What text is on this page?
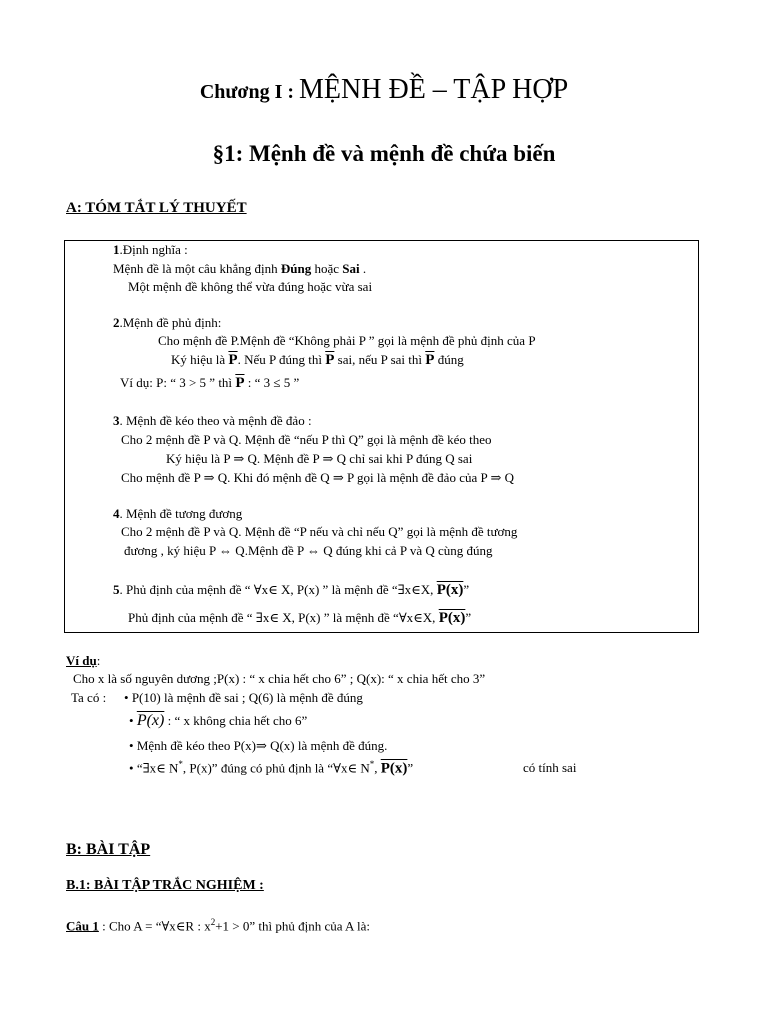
Chương I : MỆNH ĐỀ – TẬP HỢP
§1: Mệnh đề và mệnh đề chứa biến
A: TÓM TẮT LÝ THUYẾT
1.Định nghĩa :
Mệnh đề là một câu khẳng định Đúng hoặc Sai .
Một mệnh đề không thể vừa đúng hoặc vừa sai
2.Mệnh đề phủ định:
Cho mệnh đề P.Mệnh đề “Không phải P ” gọi là mệnh đề phủ định của P
Ký hiệu là $\overline{P}$. Nếu P đúng thì $\overline{P}$ sai, nếu P sai thì $\overline{P}$ đúng
Ví dụ: P: “ 3 > 5 ” thì $\overline{P}$ : “ 3 ≤ 5 ”
3. Mệnh đề kéo theo và mệnh đề đảo :
Cho 2 mệnh đề P và Q. Mệnh đề “nếu P thì Q” gọi là mệnh đề kéo theo
Ký hiệu là P ⇒ Q. Mệnh đề P ⇒ Q chỉ sai khi P đúng Q sai
Cho mệnh đề P ⇒ Q. Khi đó mệnh đề Q ⇒ P gọi là mệnh đề đảo của P ⇒ Q
4. Mệnh đề tương đương
Cho 2 mệnh đề P và Q. Mệnh đề “P nếu và chỉ nếu Q” gọi là mệnh đề tương
đương , ký hiệu P ⇔ Q.Mệnh đề P ⇔ Q đúng khi cả P và Q cùng đúng
5. Phủ định của mệnh đề “ ∀x∈ X, P(x) ” là mệnh đề “∃x∈X, P(x)”
Phủ định của mệnh đề “ ∃x∈ X, P(x) ” là mệnh đề “∀x∈X, P(x)”
Ví dụ:
Cho x là số nguyên dương ;P(x) : “ x chia hết cho 6” ; Q(x): “ x chia hết cho 3”
Ta có : • P(10) là mệnh đề sai ; Q(6) là mệnh đề đúng
• P(x) : “ x không chia hết cho 6”
• Mệnh đề kéo theo P(x)⇒ Q(x) là mệnh đề đúng.
• “∃x∈ N*, P(x)” đúng có phủ định là “∀x∈ N*, P(x)”	có tính sai
B: BÀI TẬP
B.1: BÀI TẬP TRẮC NGHIỆM :
Câu 1 : Cho A = “∀x∈R : $x^2+1 > 0$” thì phủ định của A là:
